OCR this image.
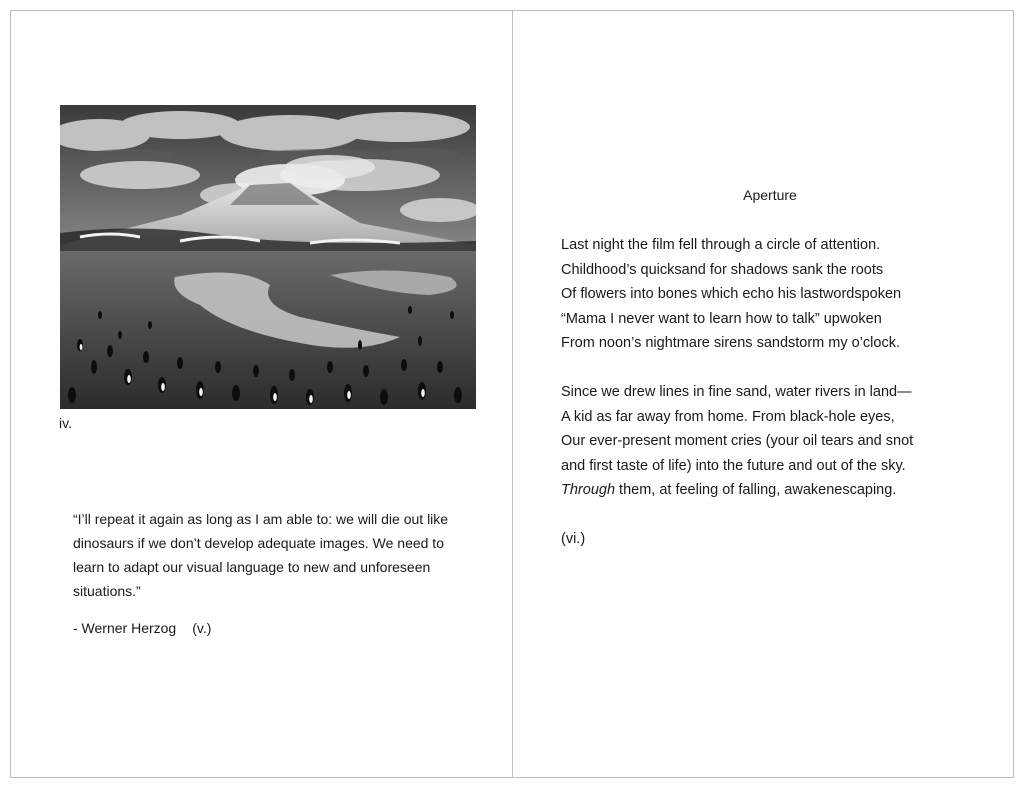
iv.

“I’ll repeat it again as long as I am able to: we will die out like dinosaurs if we don’t develop adequate images. We need to learn to adapt our visual language to new and unforeseen situations.”

- Werner Herzog (v.)
Aperture
Last night the film fell through a circle of attention.
Childhood’s quicksand for shadows sank the roots
Of flowers into bones which echo his lastwordspoken
“Mama I never want to learn how to talk” upwoken
From noon’s nightmare sirens sandstorm my o’clock.
Since we drew lines in fine sand, water rivers in land—
A kid as far away from home. From black-hole eyes,
Our ever-present moment cries (your oil tears and snot
and first taste of life) into the future and out of the sky.
Through them, at feeling of falling, awakenescaping.
(vi.)
